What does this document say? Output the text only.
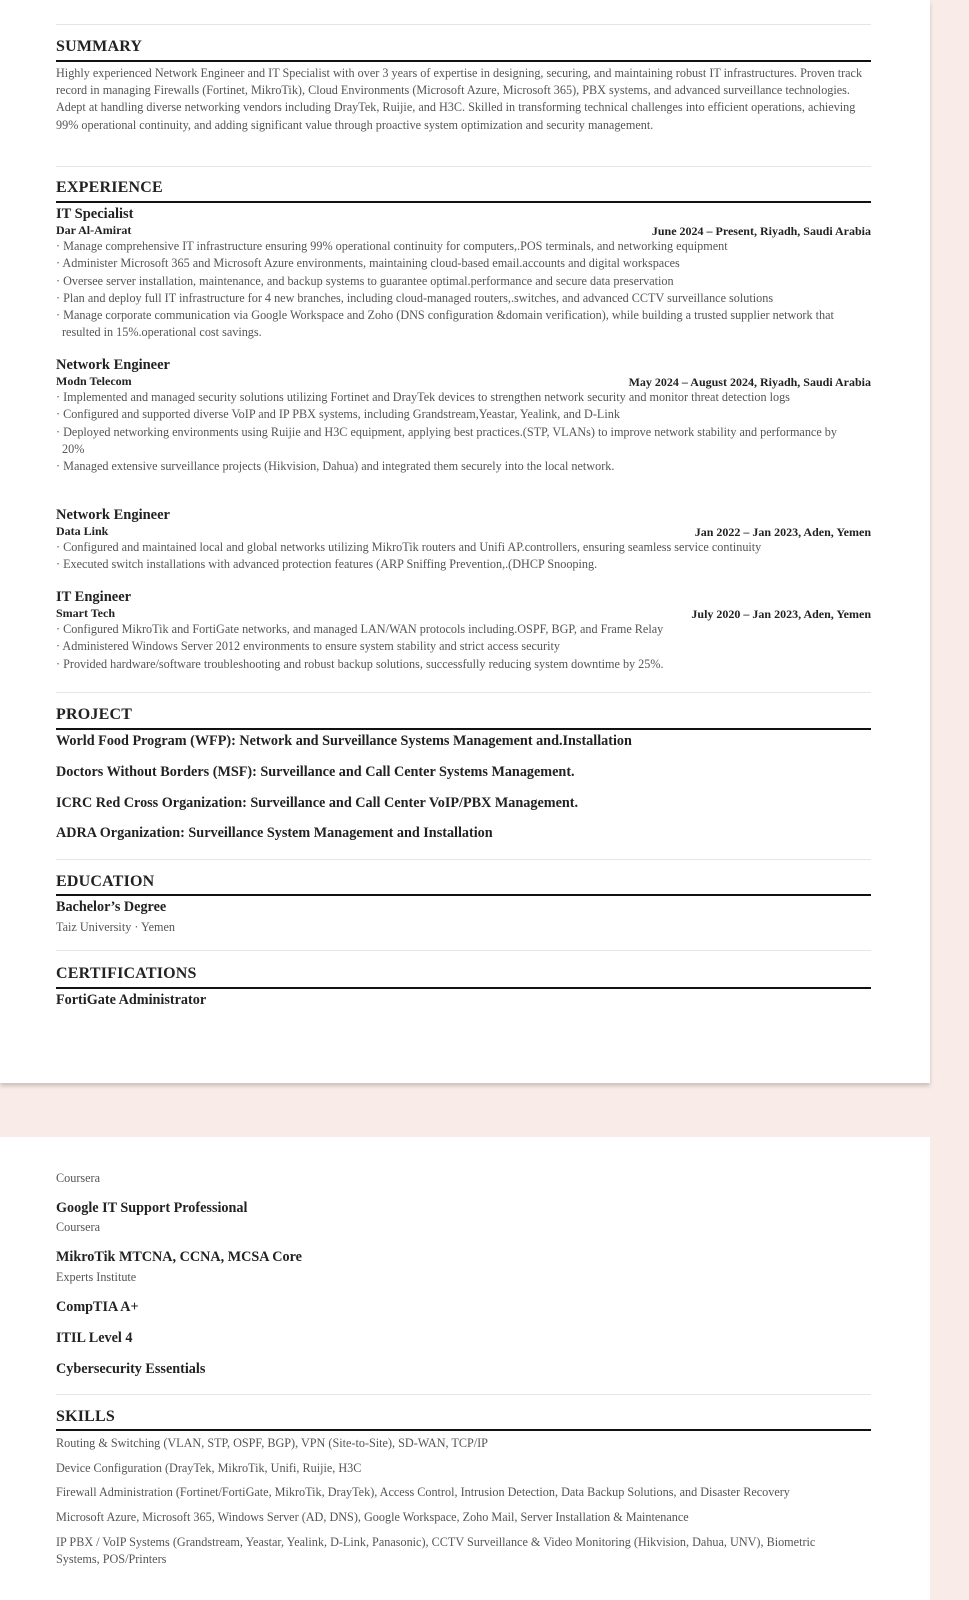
SUMMARY
Highly experienced Network Engineer and IT Specialist with over 3 years of expertise in designing, securing, and maintaining robust IT infrastructures. Proven track record in managing Firewalls (Fortinet, MikroTik), Cloud Environments (Microsoft Azure, Microsoft 365), PBX systems, and advanced surveillance technologies. Adept at handling diverse networking vendors including DrayTek, Ruijie, and H3C. Skilled in transforming technical challenges into efficient operations, achieving 99% operational continuity, and adding significant value through proactive system optimization and security management.
EXPERIENCE
IT Specialist
Dar Al-Amirat	June 2024 – Present, Riyadh, Saudi Arabia
· Manage comprehensive IT infrastructure ensuring 99% operational continuity for computers,.POS terminals, and networking equipment
· Administer Microsoft 365 and Microsoft Azure environments, maintaining cloud-based email.accounts and digital workspaces
· Oversee server installation, maintenance, and backup systems to guarantee optimal.performance and secure data preservation
· Plan and deploy full IT infrastructure for 4 new branches, including cloud-managed routers,.switches, and advanced CCTV surveillance solutions
· Manage corporate communication via Google Workspace and Zoho (DNS configuration &domain verification), while building a trusted supplier network that resulted in 15%.operational cost savings.
Network Engineer
Modn Telecom	May 2024 – August 2024, Riyadh, Saudi Arabia
· Implemented and managed security solutions utilizing Fortinet and DrayTek devices to strengthen network security and monitor threat detection logs
· Configured and supported diverse VoIP and IP PBX systems, including Grandstream,Yeastar, Yealink, and D-Link
· Deployed networking environments using Ruijie and H3C equipment, applying best practices.(STP, VLANs) to improve network stability and performance by 20%
· Managed extensive surveillance projects (Hikvision, Dahua) and integrated them securely into the local network.
Network Engineer
Data Link	Jan 2022 – Jan 2023, Aden, Yemen
· Configured and maintained local and global networks utilizing MikroTik routers and Unifi AP.controllers, ensuring seamless service continuity
· Executed switch installations with advanced protection features (ARP Sniffing Prevention,.(DHCP Snooping.
IT Engineer
Smart Tech	July 2020 – Jan 2023, Aden, Yemen
· Configured MikroTik and FortiGate networks, and managed LAN/WAN protocols including.OSPF, BGP, and Frame Relay
· Administered Windows Server 2012 environments to ensure system stability and strict access security
· Provided hardware/software troubleshooting and robust backup solutions, successfully reducing system downtime by 25%.
PROJECT
World Food Program (WFP): Network and Surveillance Systems Management and.Installation
Doctors Without Borders (MSF): Surveillance and Call Center Systems Management.
ICRC Red Cross Organization: Surveillance and Call Center VoIP/PBX Management.
ADRA Organization: Surveillance System Management and Installation
EDUCATION
Bachelor’s Degree
Taiz University · Yemen
CERTIFICATIONS
FortiGate Administrator
Coursera
Google IT Support Professional
Coursera
MikroTik MTCNA, CCNA, MCSA Core
Experts Institute
CompTIA A+
ITIL Level 4
Cybersecurity Essentials
SKILLS
Routing & Switching (VLAN, STP, OSPF, BGP), VPN (Site-to-Site), SD-WAN, TCP/IP
Device Configuration (DrayTek, MikroTik, Unifi, Ruijie, H3C
Firewall Administration (Fortinet/FortiGate, MikroTik, DrayTek), Access Control, Intrusion Detection, Data Backup Solutions, and Disaster Recovery
Microsoft Azure, Microsoft 365, Windows Server (AD, DNS), Google Workspace, Zoho Mail, Server Installation & Maintenance
IP PBX / VoIP Systems (Grandstream, Yeastar, Yealink, D-Link, Panasonic), CCTV Surveillance & Video Monitoring (Hikvision, Dahua, UNV), Biometric Systems, POS/Printers
